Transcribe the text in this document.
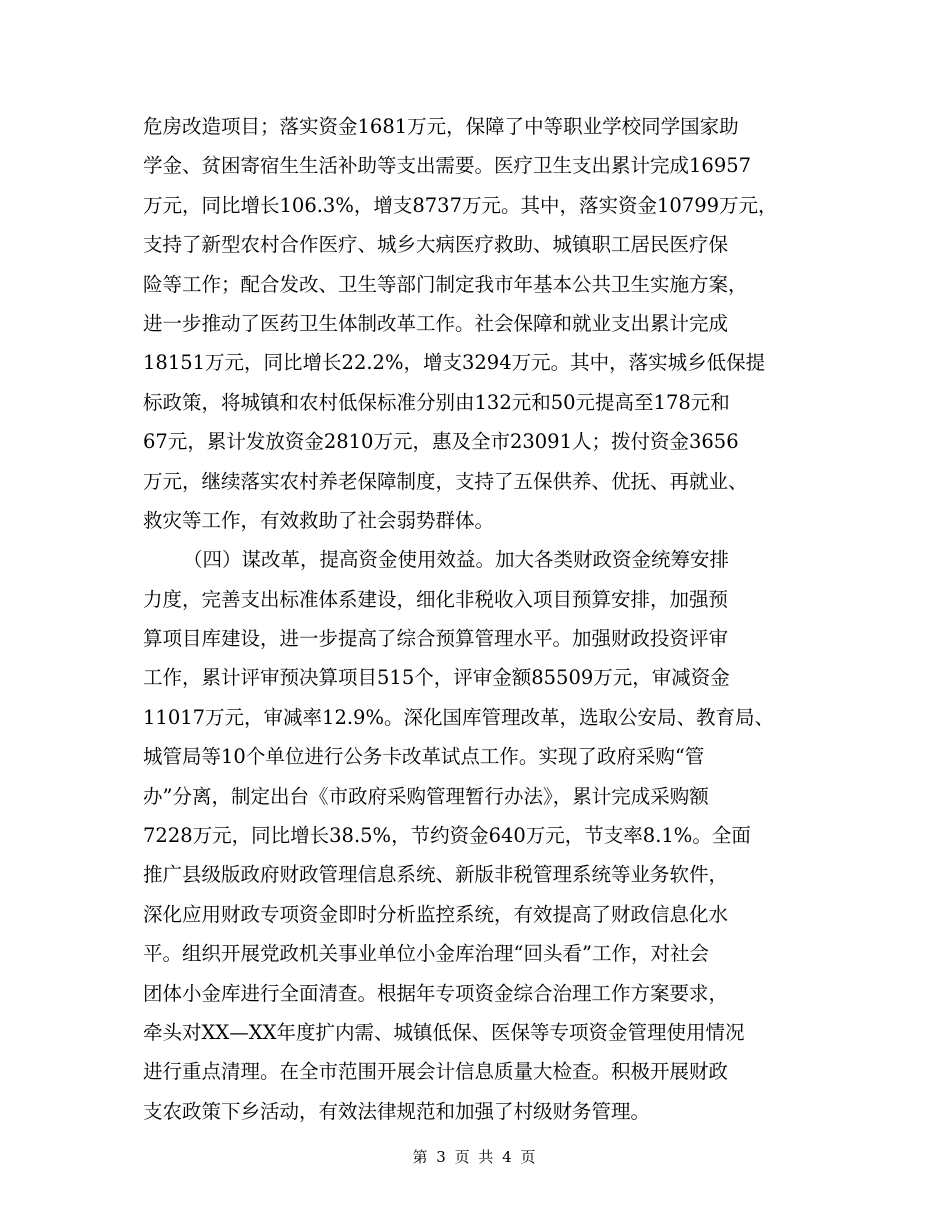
危房改造项目；落实资金1681万元，保障了中等职业学校同学国家助
学金、贫困寄宿生生活补助等支出需要。医疗卫生支出累计完成16957
万元，同比增长106.3%，增支8737万元。其中，落实资金10799万元，
支持了新型农村合作医疗、城乡大病医疗救助、城镇职工居民医疗保
险等工作；配合发改、卫生等部门制定我市年基本公共卫生实施方案，
进一步推动了医药卫生体制改革工作。社会保障和就业支出累计完成
18151万元，同比增长22.2%，增支3294万元。其中，落实城乡低保提
标政策，将城镇和农村低保标准分别由132元和50元提高至178元和
67元，累计发放资金2810万元，惠及全市23091人；拨付资金3656
万元，继续落实农村养老保障制度，支持了五保供养、优抚、再就业、
救灾等工作，有效救助了社会弱势群体。
（四）谋改革，提高资金使用效益。加大各类财政资金统筹安排
力度，完善支出标准体系建设，细化非税收入项目预算安排，加强预
算项目库建设，进一步提高了综合预算管理水平。加强财政投资评审
工作，累计评审预决算项目515个，评审金额85509万元，审减资金
11017万元，审减率12.9%。深化国库管理改革，选取公安局、教育局、
城管局等10个单位进行公务卡改革试点工作。实现了政府采购“管
办”分离，制定出台《市政府采购管理暂行办法》，累计完成采购额
7228万元，同比增长38.5%，节约资金640万元，节支率8.1%。全面
推广县级版政府财政管理信息系统、新版非税管理系统等业务软件，
深化应用财政专项资金即时分析监控系统，有效提高了财政信息化水
平。组织开展党政机关事业单位小金库治理“回头看”工作，对社会
团体小金库进行全面清查。根据年专项资金综合治理工作方案要求，
牵头对XX—XX年度扩内需、城镇低保、医保等专项资金管理使用情况
进行重点清理。在全市范围开展会计信息质量大检查。积极开展财政
支农政策下乡活动，有效法律规范和加强了村级财务管理。
第 3 页 共 4 页
